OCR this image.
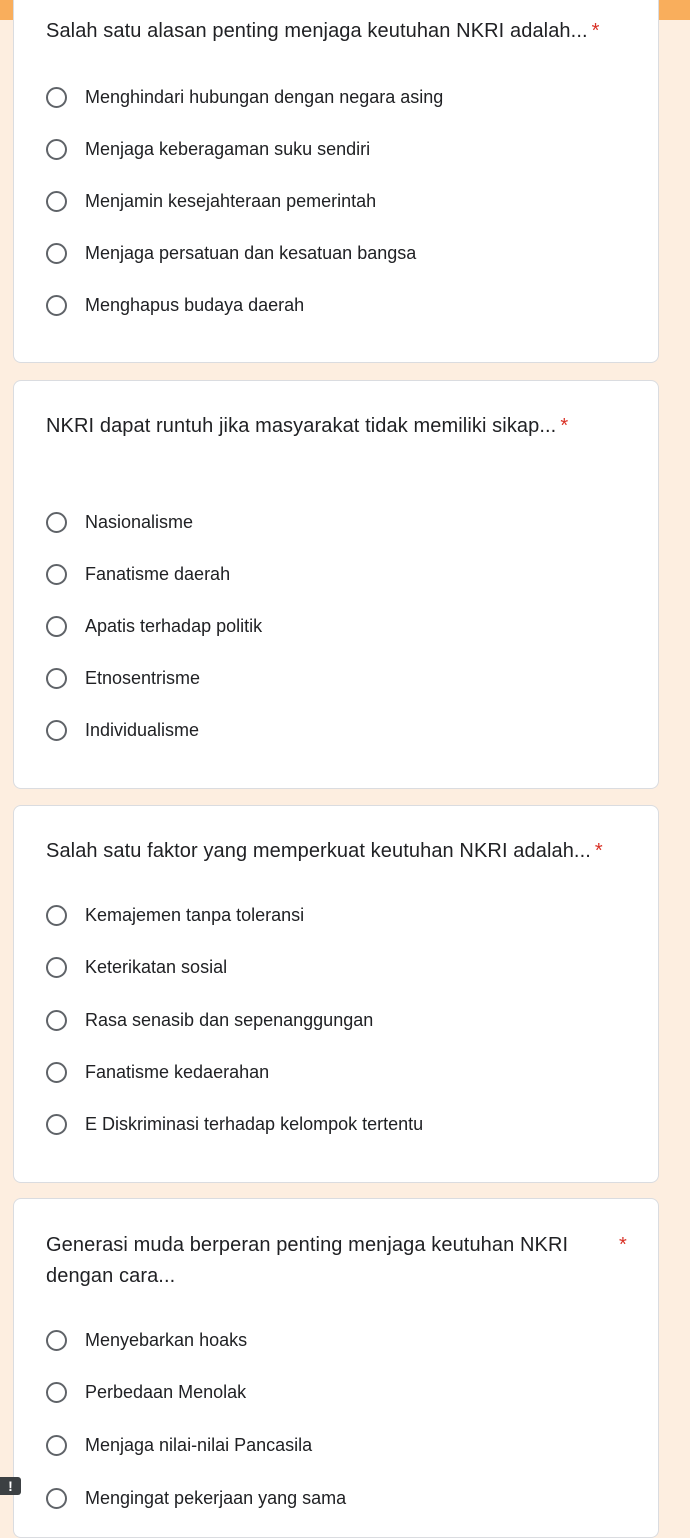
Salah satu alasan penting menjaga keutuhan NKRI adalah... *
Menghindari hubungan dengan negara asing
Menjaga keberagaman suku sendiri
Menjamin kesejahteraan pemerintah
Menjaga persatuan dan kesatuan bangsa
Menghapus budaya daerah
NKRI dapat runtuh jika masyarakat tidak memiliki sikap... *
Nasionalisme
Fanatisme daerah
Apatis terhadap politik
Etnosentrisme
Individualisme
Salah satu faktor yang memperkuat keutuhan NKRI adalah... *
Kemajemen tanpa toleransi
Keterikatan sosial
Rasa senasib dan sepenanggungan
Fanatisme kedaerahan
E Diskriminasi terhadap kelompok tertentu
Generasi muda berperan penting menjaga keutuhan NKRI
dengan cara...
*
Menyebarkan hoaks
Perbedaan Menolak
Menjaga nilai-nilai Pancasila
Mengingat pekerjaan yang sama
!
